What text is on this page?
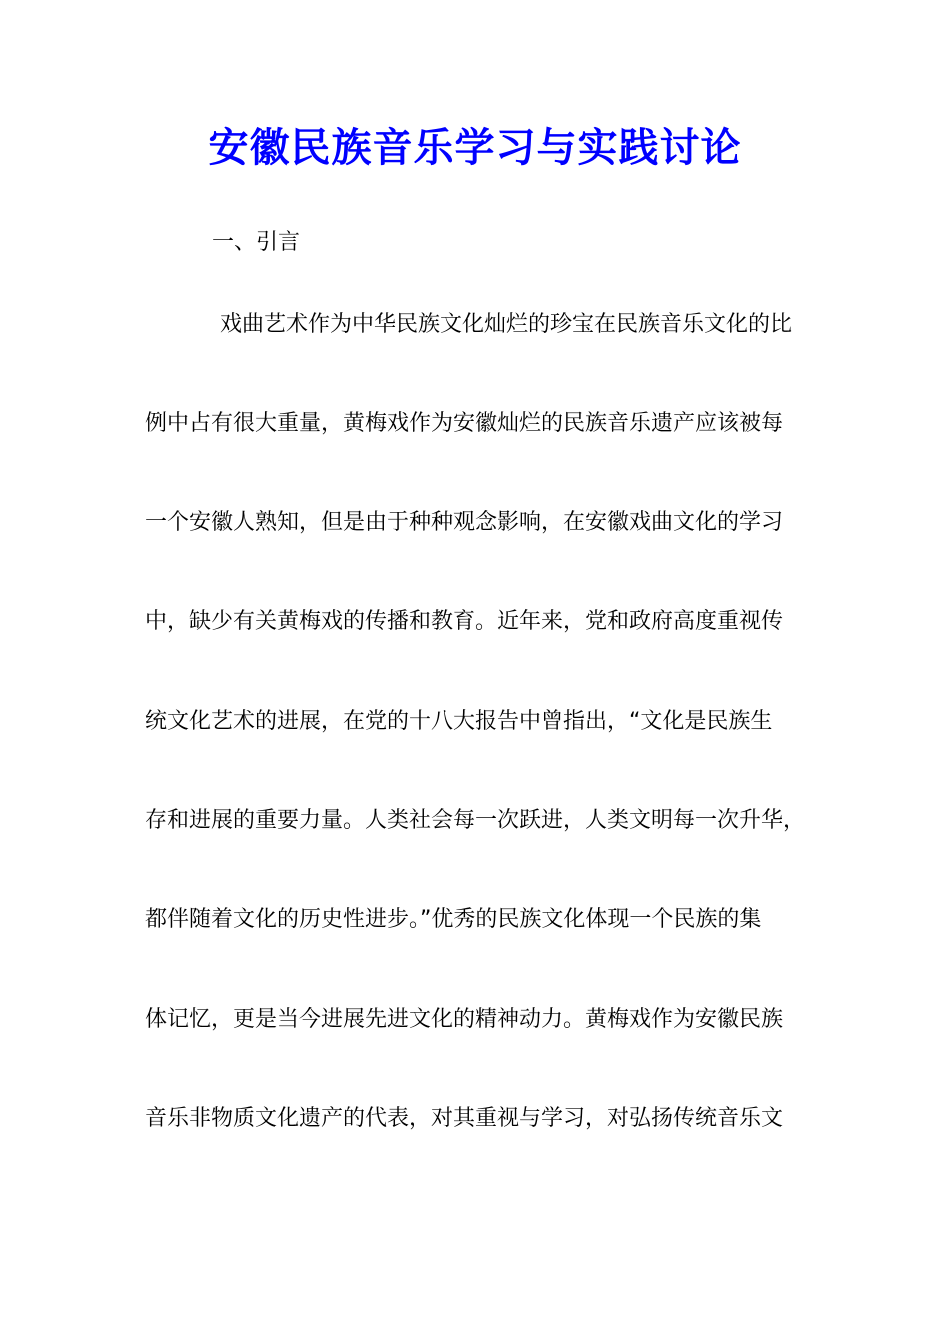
安徽民族音乐学习与实践讨论

一、引言

戏曲艺术作为中华民族文化灿烂的珍宝在民族音乐文化的比

例中占有很大重量，黄梅戏作为安徽灿烂的民族音乐遗产应该被每

一个安徽人熟知，但是由于种种观念影响，在安徽戏曲文化的学习

中，缺少有关黄梅戏的传播和教育。近年来，党和政府高度重视传

统文化艺术的进展，在党的十八大报告中曾指出，“文化是民族生

存和进展的重要力量。人类社会每一次跃进，人类文明每一次升华，

都伴随着文化的历史性进步。”优秀的民族文化体现一个民族的集

体记忆，更是当今进展先进文化的精神动力。黄梅戏作为安徽民族

音乐非物质文化遗产的代表，对其重视与学习，对弘扬传统音乐文
